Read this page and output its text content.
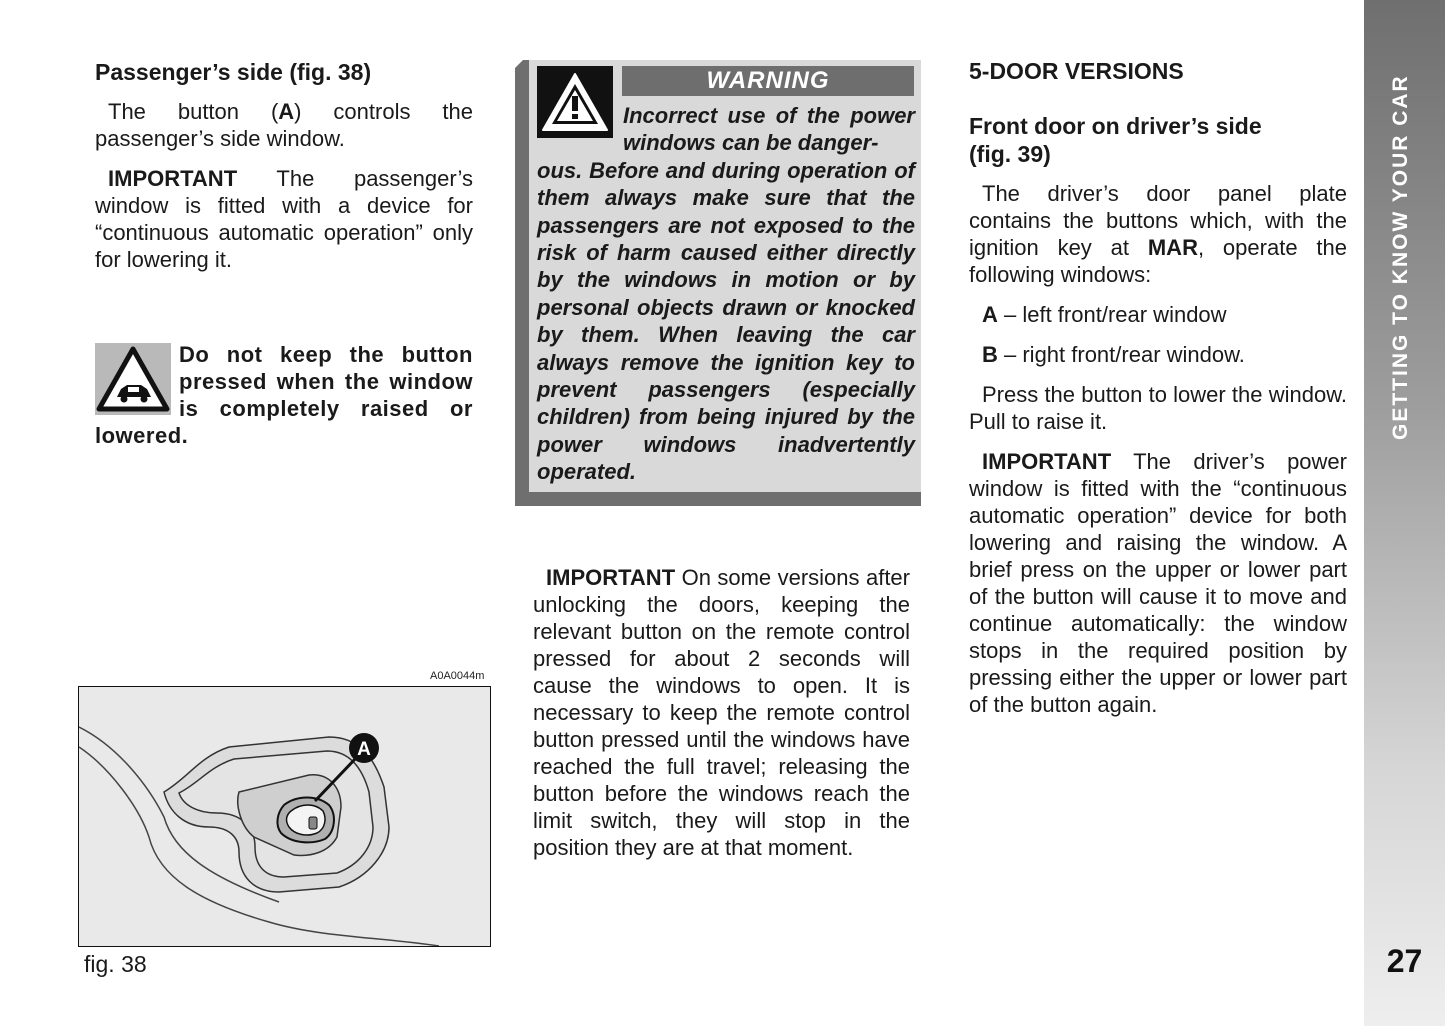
Passenger’s side (fig. 38)

The button (A) controls the passenger’s side window.

IMPORTANT The passenger’s window is fitted with a device for “continuous automatic operation” only for lowering it.

Do not keep the button pressed when the window is completely raised or lowered.

A0A0044m
A
fig. 38
WARNING

Incorrect use of the power windows can be danger-

ous. Before and during operation of them always make sure that the passengers are not exposed to the risk of harm caused either directly by the windows in motion or by personal objects drawn or knocked by them. When leaving the car always remove the ignition key to prevent passengers (especially children) from being injured by the power windows inadvertently operated.

IMPORTANT On some versions after unlocking the doors, keeping the relevant button on the remote control pressed for about 2 seconds will cause the windows to open. It is necessary to keep the remote control button pressed until the windows have reached the full travel; releasing the button before the windows reach the limit switch, they will stop in the position they are at that moment.

5-DOOR VERSIONS

Front door on driver’s side
(fig. 39)

The driver’s door panel plate contains the buttons which, with the ignition key at MAR, operate the following windows:

A – left front/rear window

B – right front/rear window.

Press the button to lower the window. Pull to raise it.

IMPORTANT The driver’s power window is fitted with the “continuous automatic operation” device for both lowering and raising the window. A brief press on the upper or lower part of the button will cause it to move and continue automatically: the window stops in the required position by pressing either the upper or lower part of the button again.

GETTING TO KNOW YOUR CAR
27
